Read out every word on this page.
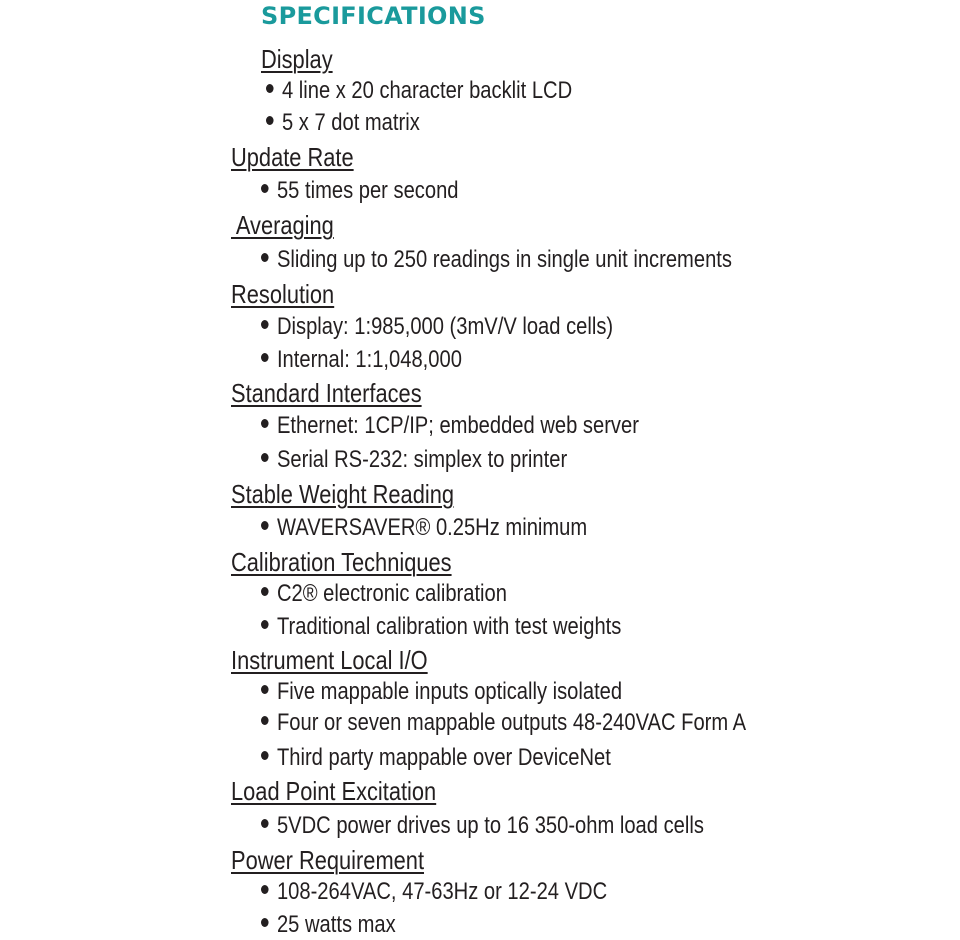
SPECIFICATIONS
Display
4 line x 20 character backlit LCD
5 x 7 dot matrix
Update Rate
55 times per second
Averaging
Sliding up to 250 readings in single unit increments
Resolution
Display: 1:985,000 (3mV/V load cells)
Internal: 1:1,048,000
Standard Interfaces
Ethernet: 1CP/IP; embedded web server
Serial RS-232: simplex to printer
Stable Weight Reading
WAVERSAVER® 0.25Hz minimum
Calibration Techniques
C2® electronic calibration
Traditional calibration with test weights
Instrument Local I/O
Five mappable inputs optically isolated
Four or seven mappable outputs 48-240VAC Form A
Third party mappable over DeviceNet
Load Point Excitation
5VDC power drives up to 16 350-ohm load cells
Power Requirement
108-264VAC, 47-63Hz or 12-24 VDC
25 watts max
